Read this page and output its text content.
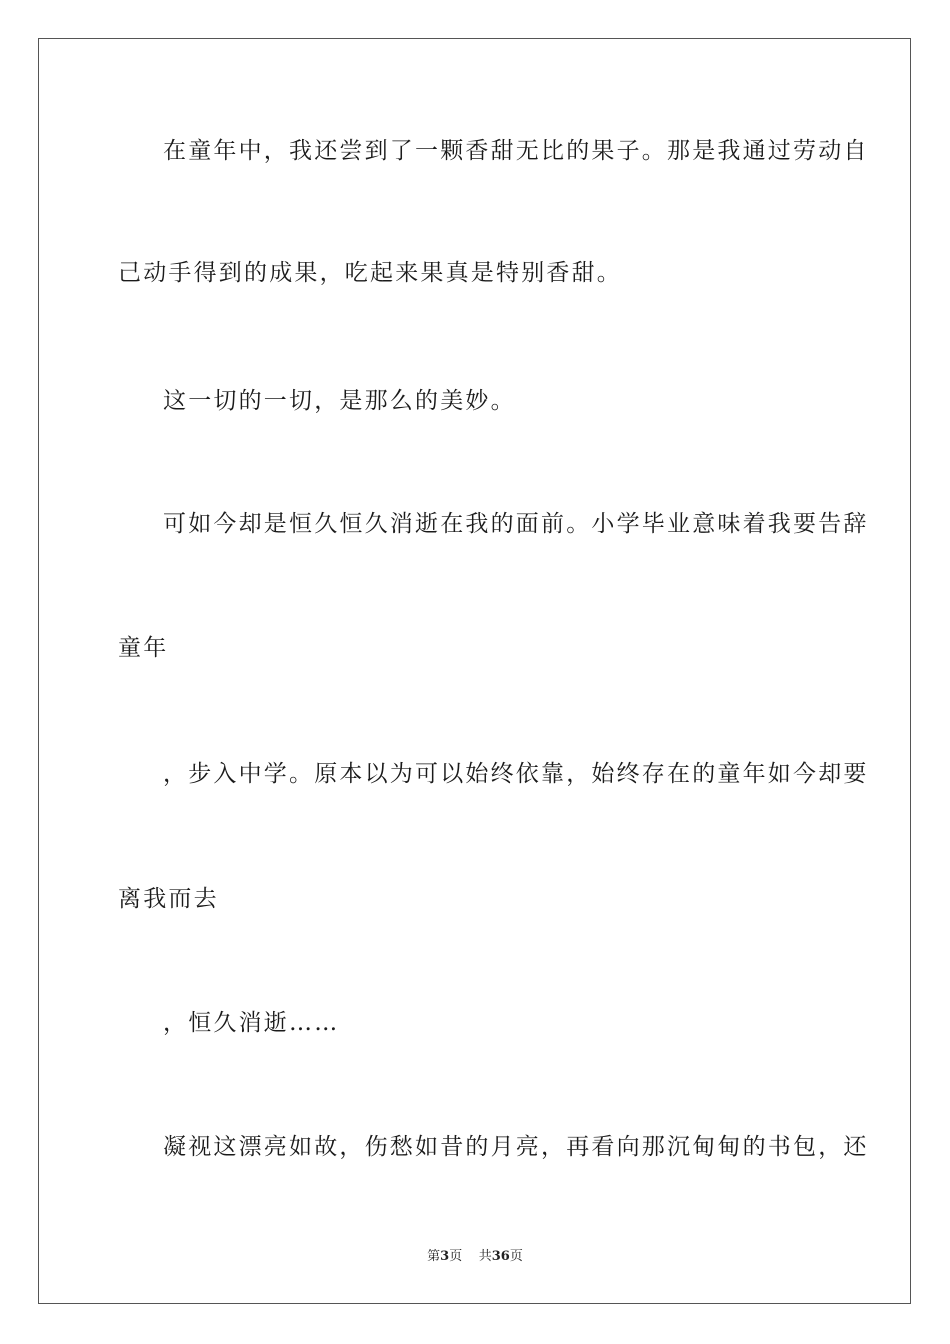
在童年中，我还尝到了一颗香甜无比的果子。那是我通过劳动自
己动手得到的成果，吃起来果真是特别香甜。
这一切的一切，是那么的美妙。
可如今却是恒久恒久消逝在我的面前。小学毕业意味着我要告辞
童年
，步入中学。原本以为可以始终依靠，始终存在的童年如今却要
离我而去
，恒久消逝……
凝视这漂亮如故，伤愁如昔的月亮，再看向那沉甸甸的书包，还
第3页 共36页
